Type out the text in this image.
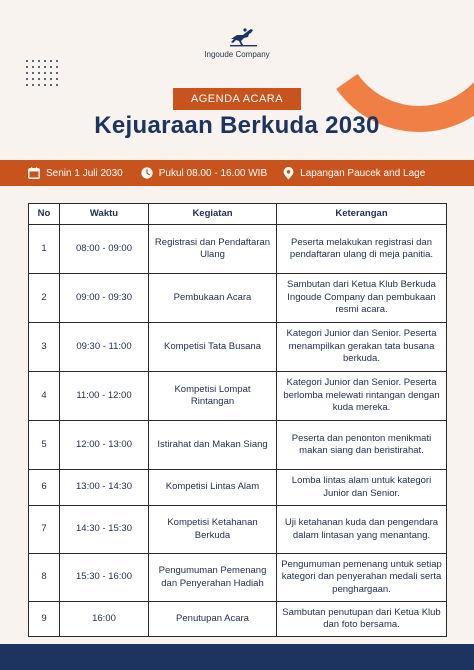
Ingoude Company
AGENDA ACARA
Kejuaraan Berkuda 2030
Senin 1 Juli 2030	Pukul 08.00 - 16.00 WIB	Lapangan Paucek and Lage
No	Waktu	Kegiatan	Keterangan
1	08:00 - 09:00	Registrasi dan Pendaftaran Ulang	Peserta melakukan registrasi dan pendaftaran ulang di meja panitia.
2	09:00 - 09:30	Pembukaan Acara	Sambutan dari Ketua Klub Berkuda Ingoude Company dan pembukaan resmi acara.
3	09:30 - 11:00	Kompetisi Tata Busana	Kategori Junior dan Senior. Peserta menampilkan gerakan tata busana berkuda.
4	11:00 - 12:00	Kompetisi Lompat Rintangan	Kategori Junior dan Senior. Peserta berlomba melewati rintangan dengan kuda mereka.
5	12:00 - 13:00	Istirahat dan Makan Siang	Peserta dan penonton menikmati makan siang dan beristirahat.
6	13:00 - 14:30	Kompetisi Lintas Alam	Lomba lintas alam untuk kategori Junior dan Senior.
7	14:30 - 15:30	Kompetisi Ketahanan Berkuda	Uji ketahanan kuda dan pengendara dalam lintasan yang menantang.
8	15:30 - 16:00	Pengumuman Pemenang dan Penyerahan Hadiah	Pengumuman pemenang untuk setiap kategori dan penyerahan medali serta penghargaan.
9	16:00	Penutupan Acara	Sambutan penutupan dari Ketua Klub dan foto bersama.
